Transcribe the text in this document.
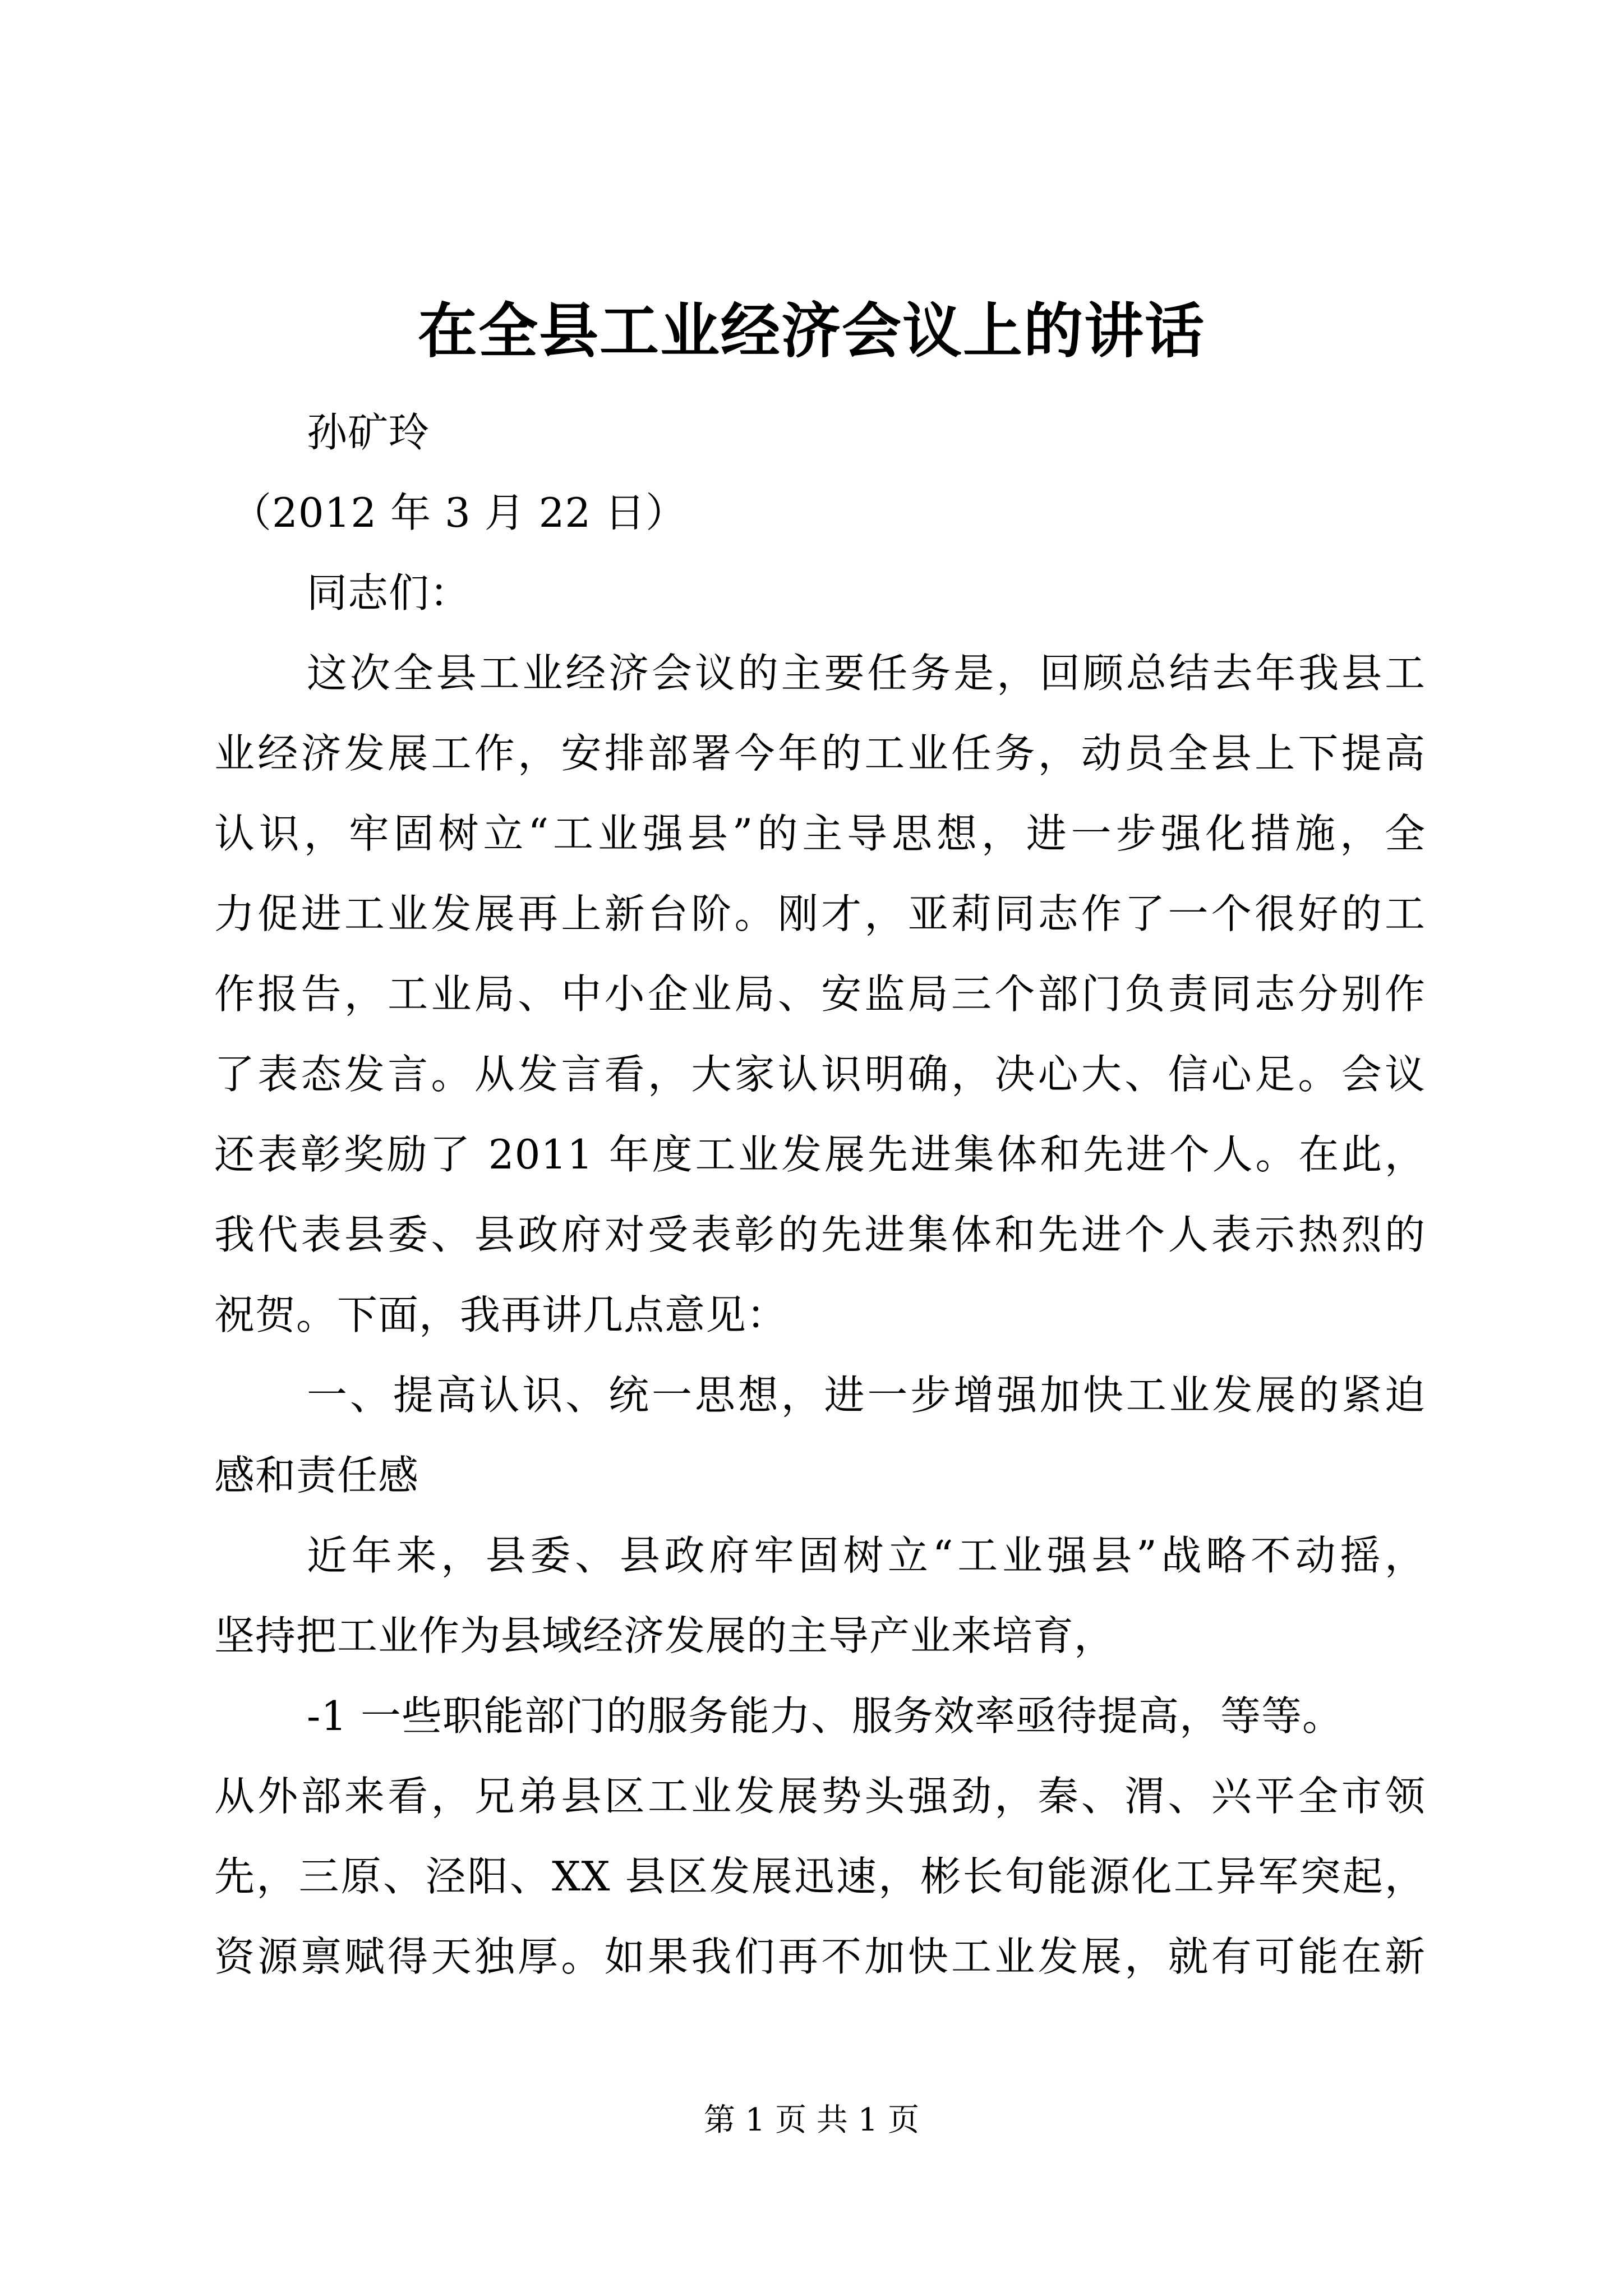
在全县工业经济会议上的讲话
孙矿玲
（2012 年 3 月 22 日）
同志们：
这次全县工业经济会议的主要任务是，回顾总结去年我县工
业经济发展工作，安排部署今年的工业任务，动员全县上下提高
认识，牢固树立“工业强县”的主导思想，进一步强化措施，全
力促进工业发展再上新台阶。刚才，亚莉同志作了一个很好的工
作报告，工业局、中小企业局、安监局三个部门负责同志分别作
了表态发言。从发言看，大家认识明确，决心大、信心足。会议
还表彰奖励了 2011 年度工业发展先进集体和先进个人。在此，
我代表县委、县政府对受表彰的先进集体和先进个人表示热烈的
祝贺。下面，我再讲几点意见：
一、提高认识、统一思想，进一步增强加快工业发展的紧迫
感和责任感
近年来，县委、县政府牢固树立“工业强县”战略不动摇，
坚持把工业作为县域经济发展的主导产业来培育，
-1 一些职能部门的服务能力、服务效率亟待提高，等等。
从外部来看，兄弟县区工业发展势头强劲，秦、渭、兴平全市领
先，三原、泾阳、XX 县区发展迅速，彬长旬能源化工异军突起，
资源禀赋得天独厚。如果我们再不加快工业发展，就有可能在新
第 1 页 共 1 页
